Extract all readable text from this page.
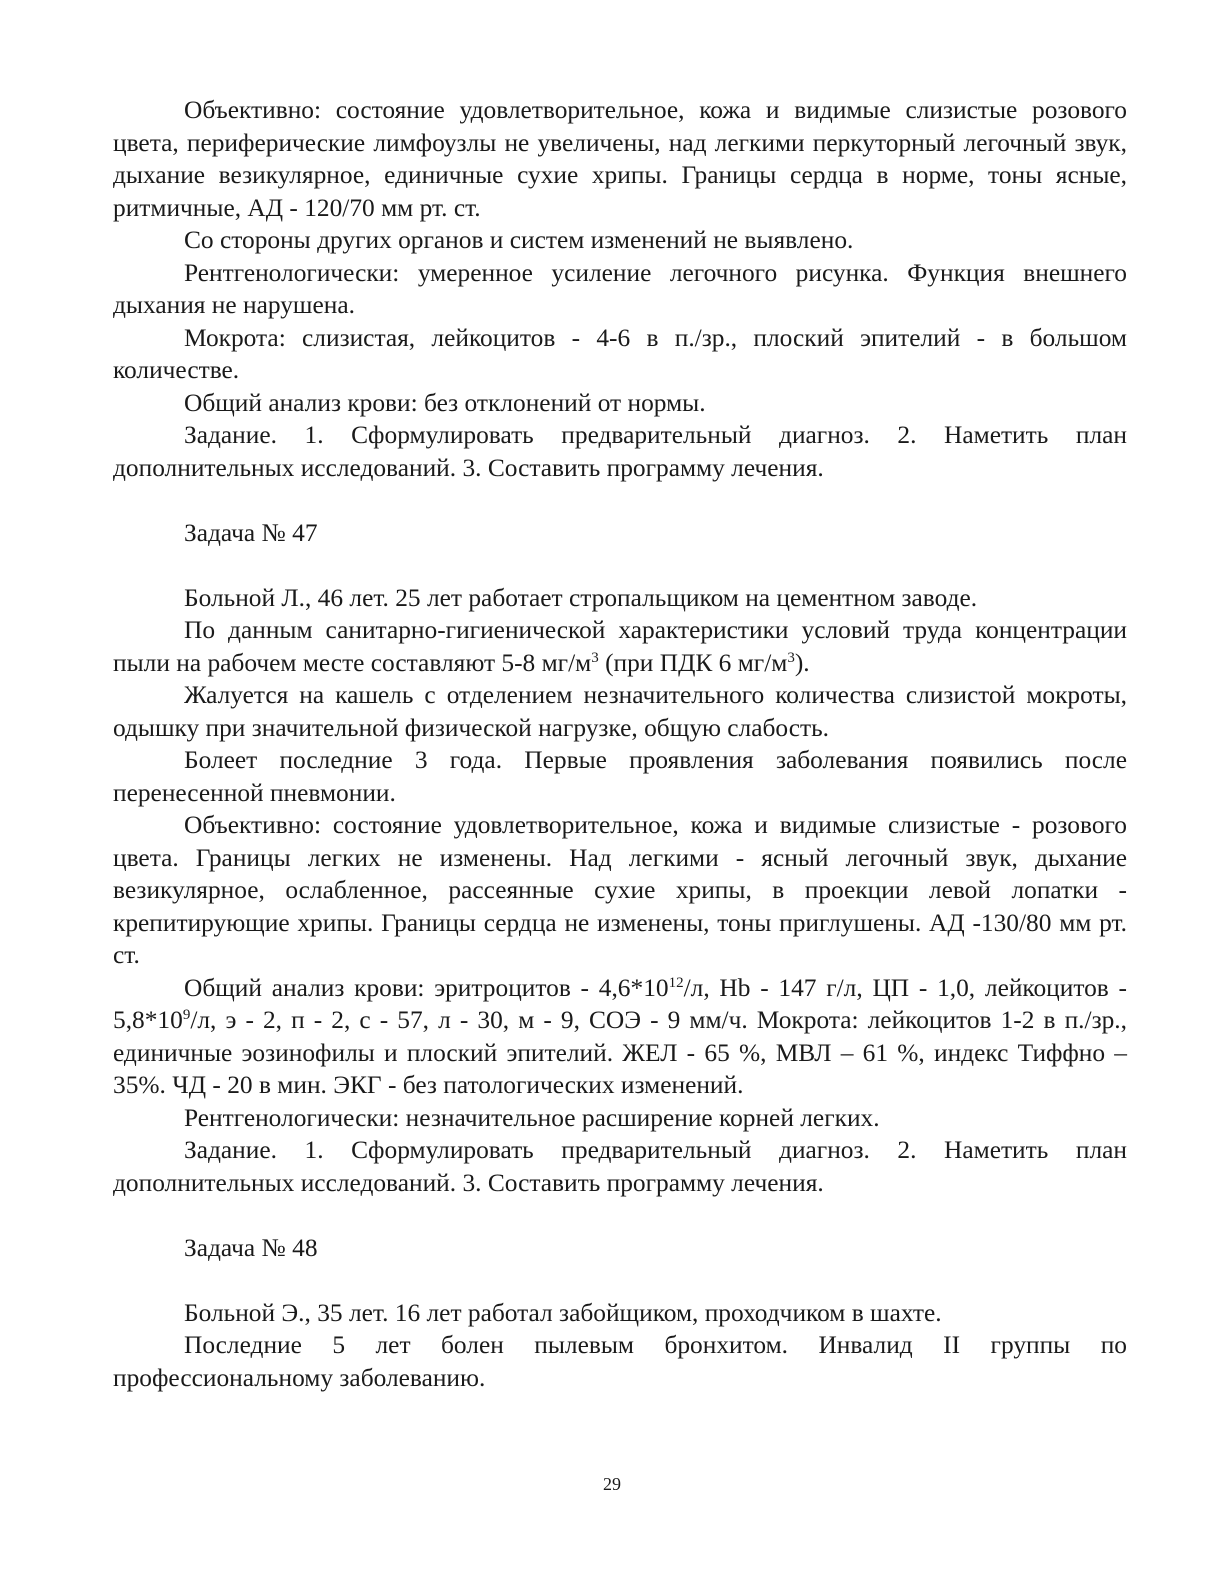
Объективно: состояние удовлетворительное, кожа и видимые слизистые розового цвета, периферические лимфоузлы не увеличены, над легкими перкуторный легочный звук, дыхание везикулярное, единичные сухие хрипы. Границы сердца в норме, тоны ясные, ритмичные, АД - 120/70 мм рт. ст.

Со стороны других органов и систем изменений не выявлено.

Рентгенологически: умеренное усиление легочного рисунка. Функция внешнего дыхания не нарушена.

Мокрота: слизистая, лейкоцитов - 4-6 в п./зр., плоский эпителий - в большом количестве.

Общий анализ крови: без отклонений от нормы.

Задание. 1. Сформулировать предварительный диагноз. 2. Наметить план дополнительных исследований. 3. Составить программу лечения.

Задача № 47

Больной Л., 46 лет. 25 лет работает стропальщиком на цементном заводе.

По данным санитарно-гигиенической характеристики условий труда концентрации пыли на рабочем месте составляют 5-8 $мг/м^3$ (при ПДК 6 $мг/м^3$).

Жалуется на кашель с отделением незначительного количества слизистой мокроты, одышку при значительной физической нагрузке, общую слабость.

Болеет последние 3 года. Первые проявления заболевания появились после перенесенной пневмонии.

Объективно: состояние удовлетворительное, кожа и видимые слизистые - розового цвета. Границы легких не изменены. Над легкими - ясный легочный звук, дыхание везикулярное, ослабленное, рассеянные сухие хрипы, в проекции левой лопатки - крепитирующие хрипы. Границы сердца не изменены, тоны приглушены. АД -130/80 мм рт. ст.

Общий анализ крови: эритроцитов - $4,6*10^{12}/л$, Hb - 147 г/л, ЦП - 1,0, лейкоцитов - $5,8*10^9/л$, э - 2, п - 2, с - 57, л - 30, м - 9, СОЭ - 9 мм/ч. Мокрота: лейкоцитов 1-2 в п./зр., единичные эозинофилы и плоский эпителий. ЖЕЛ - 65 %, МВЛ – 61 %, индекс Тиффно – 35%. ЧД - 20 в мин. ЭКГ - без патологических изменений.

Рентгенологически: незначительное расширение корней легких.

Задание. 1. Сформулировать предварительный диагноз. 2. Наметить план дополнительных исследований. 3. Составить программу лечения.

Задача № 48

Больной Э., 35 лет. 16 лет работал забойщиком, проходчиком в шахте.

Последние 5 лет болен пылевым бронхитом. Инвалид II группы по профессиональному заболеванию.

29
